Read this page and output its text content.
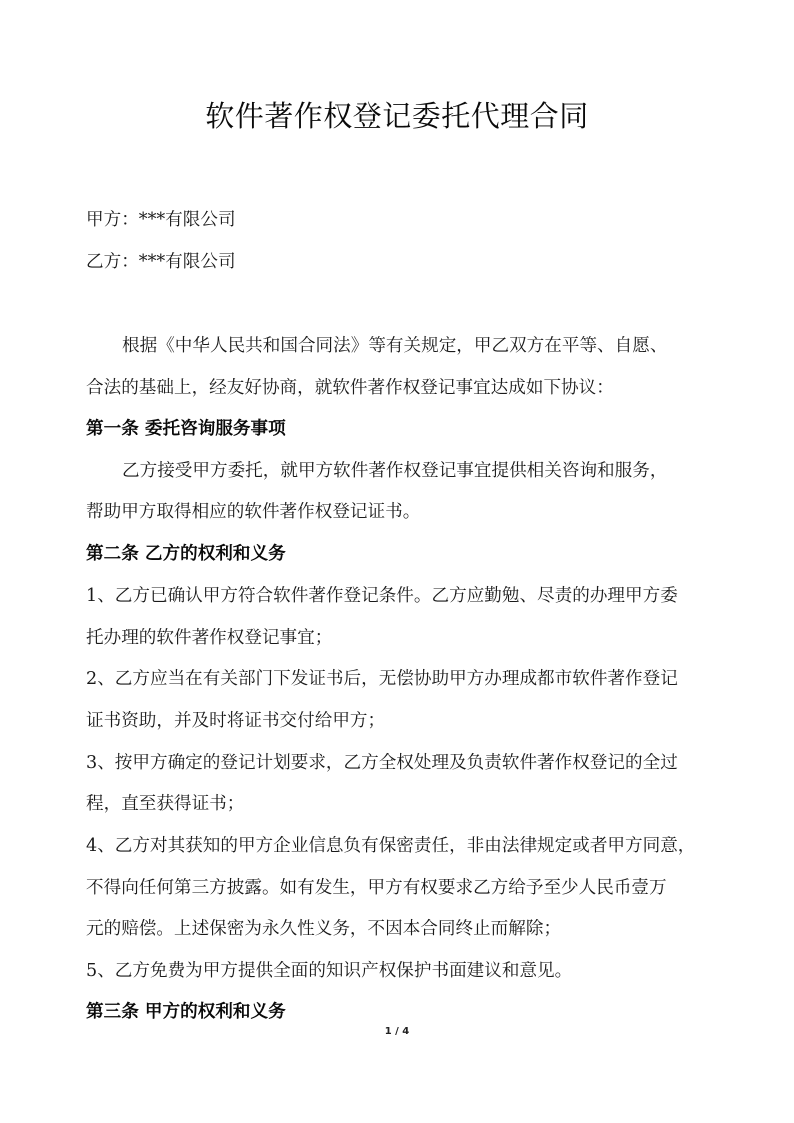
软件著作权登记委托代理合同
甲方：***有限公司
乙方：***有限公司
根据《中华人民共和国合同法》等有关规定，甲乙双方在平等、自愿、
合法的基础上，经友好协商，就软件著作权登记事宜达成如下协议：
第一条 委托咨询服务事项
乙方接受甲方委托，就甲方软件著作权登记事宜提供相关咨询和服务，
帮助甲方取得相应的软件著作权登记证书。
第二条 乙方的权利和义务
1、乙方已确认甲方符合软件著作登记条件。乙方应勤勉、尽责的办理甲方委
托办理的软件著作权登记事宜；
2、乙方应当在有关部门下发证书后，无偿协助甲方办理成都市软件著作登记
证书资助，并及时将证书交付给甲方；
3、按甲方确定的登记计划要求，乙方全权处理及负责软件著作权登记的全过
程，直至获得证书；
4、乙方对其获知的甲方企业信息负有保密责任，非由法律规定或者甲方同意，
不得向任何第三方披露。如有发生，甲方有权要求乙方给予至少人民币壹万
元的赔偿。上述保密为永久性义务，不因本合同终止而解除；
5、乙方免费为甲方提供全面的知识产权保护书面建议和意见。
第三条 甲方的权利和义务
1 / 4
